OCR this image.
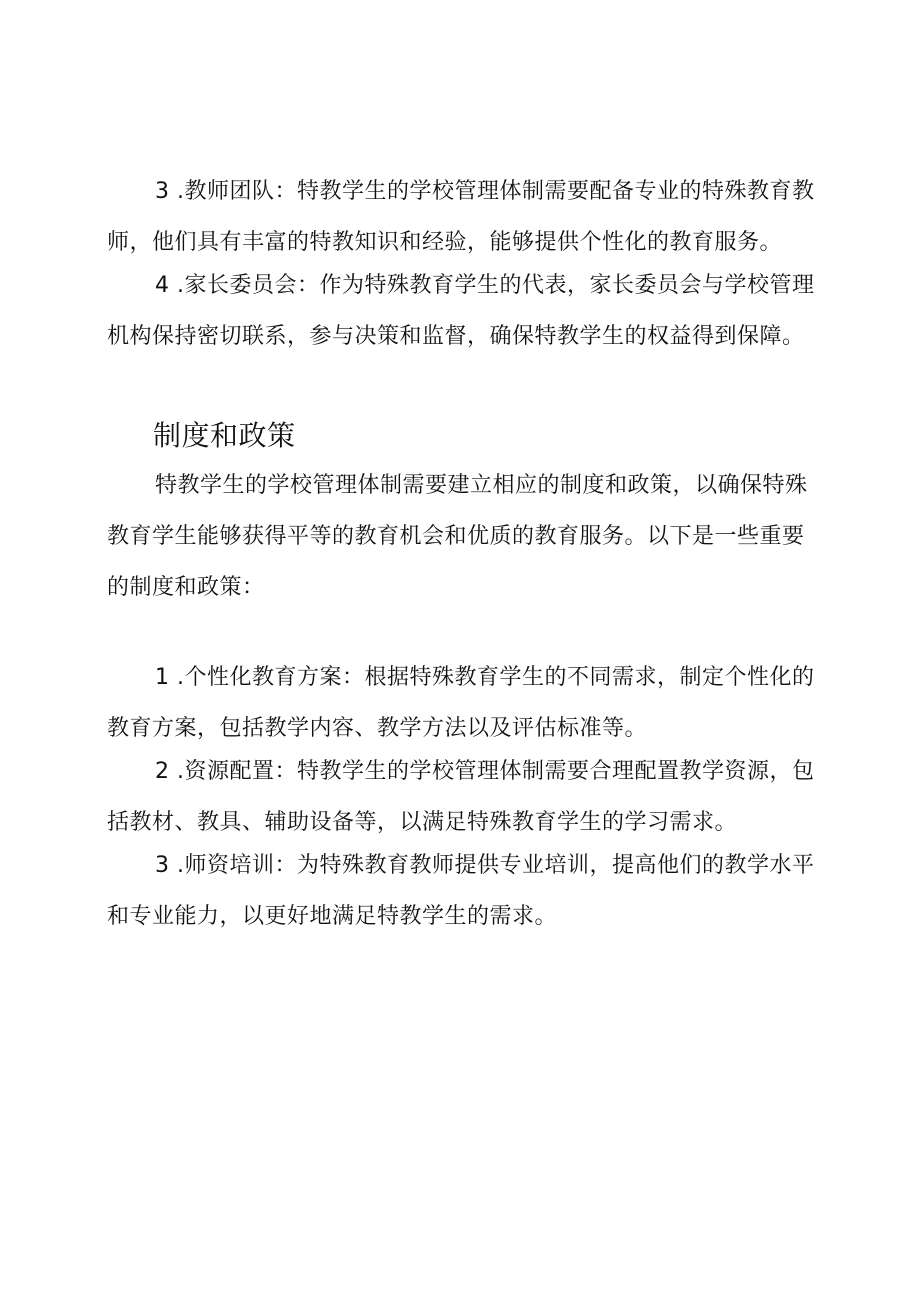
3 .教师团队：特教学生的学校管理体制需要配备专业的特殊教育教师，他们具有丰富的特教知识和经验，能够提供个性化的教育服务。

4 .家长委员会：作为特殊教育学生的代表，家长委员会与学校管理机构保持密切联系，参与决策和监督，确保特教学生的权益得到保障。

制度和政策

特教学生的学校管理体制需要建立相应的制度和政策，以确保特殊教育学生能够获得平等的教育机会和优质的教育服务。以下是一些重要的制度和政策：

1 .个性化教育方案：根据特殊教育学生的不同需求，制定个性化的教育方案，包括教学内容、教学方法以及评估标准等。

2 .资源配置：特教学生的学校管理体制需要合理配置教学资源，包括教材、教具、辅助设备等，以满足特殊教育学生的学习需求。

3 .师资培训：为特殊教育教师提供专业培训，提高他们的教学水平和专业能力，以更好地满足特教学生的需求。
